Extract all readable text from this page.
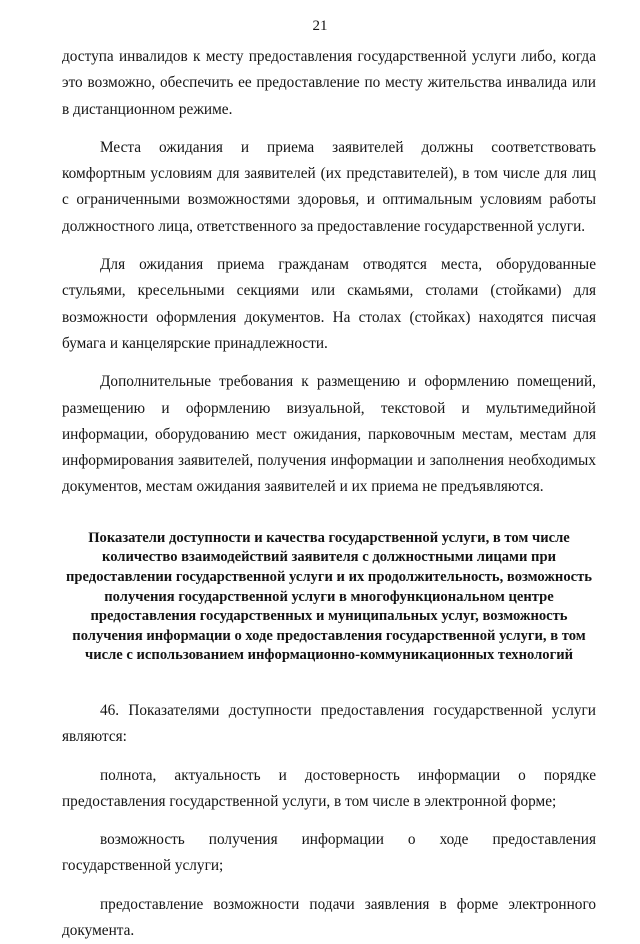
21

доступа инвалидов к месту предоставления государственной услуги либо, когда это возможно, обеспечить ее предоставление по месту жительства инвалида или в дистанционном режиме.

Места ожидания и приема заявителей должны соответствовать комфортным условиям для заявителей (их представителей), в том числе для лиц с ограниченными возможностями здоровья, и оптимальным условиям работы должностного лица, ответственного за предоставление государственной услуги.

Для ожидания приема гражданам отводятся места, оборудованные стульями, кресельными секциями или скамьями, столами (стойками) для возможности оформления документов. На столах (стойках) находятся писчая бумага и канцелярские принадлежности.

Дополнительные требования к размещению и оформлению помещений, размещению и оформлению визуальной, текстовой и мультимедийной информации, оборудованию мест ожидания, парковочным местам, местам для информирования заявителей, получения информации и заполнения необходимых документов, местам ожидания заявителей и их приема не предъявляются.

Показатели доступности и качества государственной услуги, в том числе количество взаимодействий заявителя с должностными лицами при предоставлении государственной услуги и их продолжительность, возможность получения государственной услуги в многофункциональном центре предоставления государственных и муниципальных услуг, возможность получения информации о ходе предоставления государственной услуги, в том числе с использованием информационно-коммуникационных технологий

46. Показателями доступности предоставления государственной услуги являются:

полнота, актуальность и достоверность информации о порядке предоставления государственной услуги, в том числе в электронной форме;

возможность получения информации о ходе предоставления государственной услуги;

предоставление возможности подачи заявления в форме электронного документа.
